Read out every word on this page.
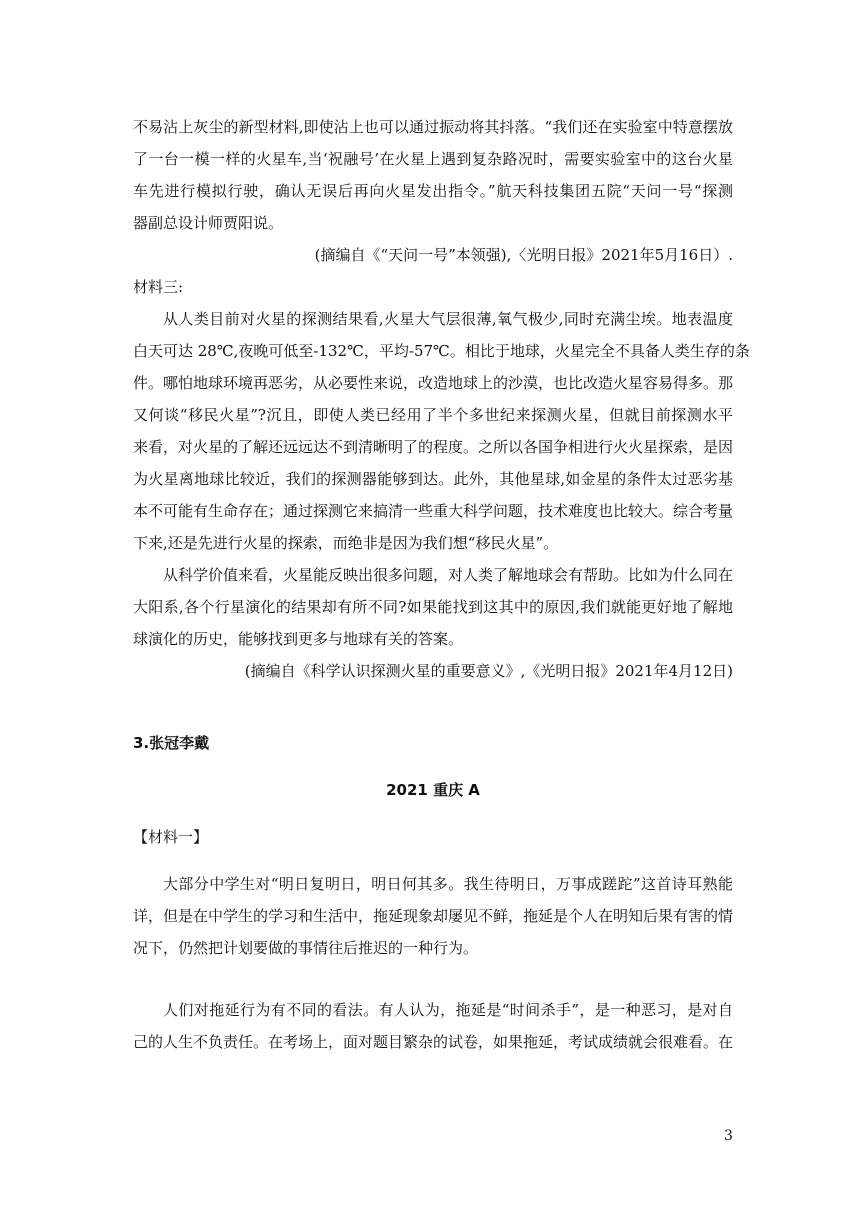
不易沾上灰尘的新型材料,即使沾上也可以通过振动将其抖落。“我们还在实验室中特意摆放
了一台一模一样的火星车,当‘祝融号’在火星上遇到复杂路况时，需要实验室中的这台火星
车先进行模拟行驶，确认无误后再向火星发出指令。”航天科技集团五院“天问一号“探测
器副总设计师贾阳说。
(摘编自《“天问一号”本领强),〈光明日报》2021年5月16日）.
材料三:
从人类目前对火星的探测结果看,火星大气层很薄,氧气极少,同时充满尘埃。地表温度
白天可达 28℃,夜晚可低至-132℃，平均-57℃。相比于地球，火星完全不具备人类生存的条
件。哪怕地球环境再恶劣，从必要性来说，改造地球上的沙漠，也比改造火星容易得多。那
又何谈“移民火星”?沉且，即使人类已经用了半个多世纪来探测火星，但就目前探测水平
来看，对火星的了解还远远达不到清晰明了的程度。之所以各国争相进行火火星探索，是因
为火星离地球比较近，我们的探测器能够到达。此外，其他星球,如金星的条件太过恶劣基
本不可能有生命存在；通过探测它来搞清一些重大科学问题，技术难度也比较大。综合考量
下来,还是先进行火星的探索，而绝非是因为我们想“移民火星”。
从科学价值来看，火星能反映出很多问题，对人类了解地球会有帮助。比如为什么同在
大阳系,各个行星演化的结果却有所不同?如果能找到这其中的原因,我们就能更好地了解地
球演化的历史，能够找到更多与地球有关的答案。
(摘编自《科学认识探测火星的重要意义》,《光明日报》2021年4月12日)
3.张冠李戴
2021 重庆 A
【材料一】
大部分中学生对“明日复明日，明日何其多。我生待明日，万事成蹉跎”这首诗耳熟能
详，但是在中学生的学习和生活中，拖延现象却屡见不鲜，拖延是个人在明知后果有害的情
况下，仍然把计划要做的事情往后推迟的一种行为。
人们对拖延行为有不同的看法。有人认为，拖延是“时间杀手”，是一种恶习，是对自
己的人生不负责任。在考场上，面对题目繁杂的试卷，如果拖延，考试成绩就会很难看。在
3
